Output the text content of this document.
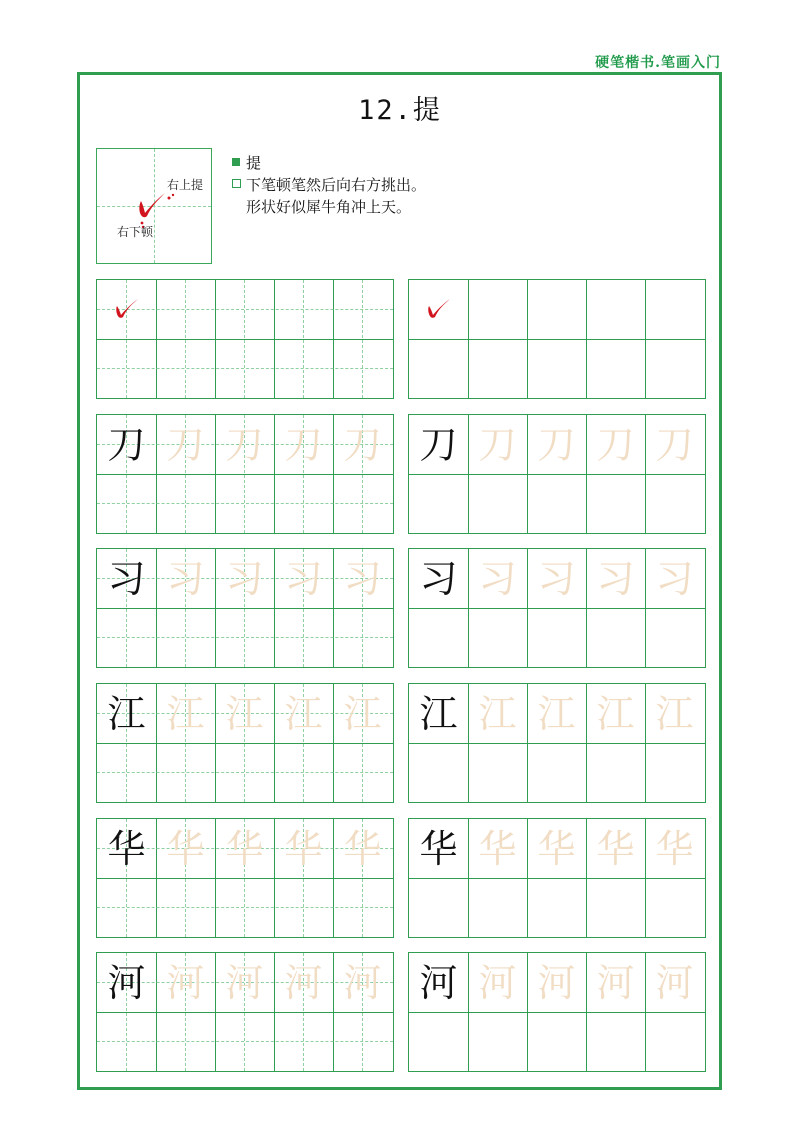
硬笔楷书.笔画入门
12.提
右上提
右下顿
提
下笔顿笔然后向右方挑出。
形状好似犀牛角冲上天。
刀 刀 刀 刀 刀 刀 刀 刀 刀 刀
习 习 习 习 习 习 习 习 习 习
江 江 江 江 江 江 江 江 江 江
华 华 华 华 华 华 华 华 华 华
河 河 河 河 河 河 河 河 河 河
